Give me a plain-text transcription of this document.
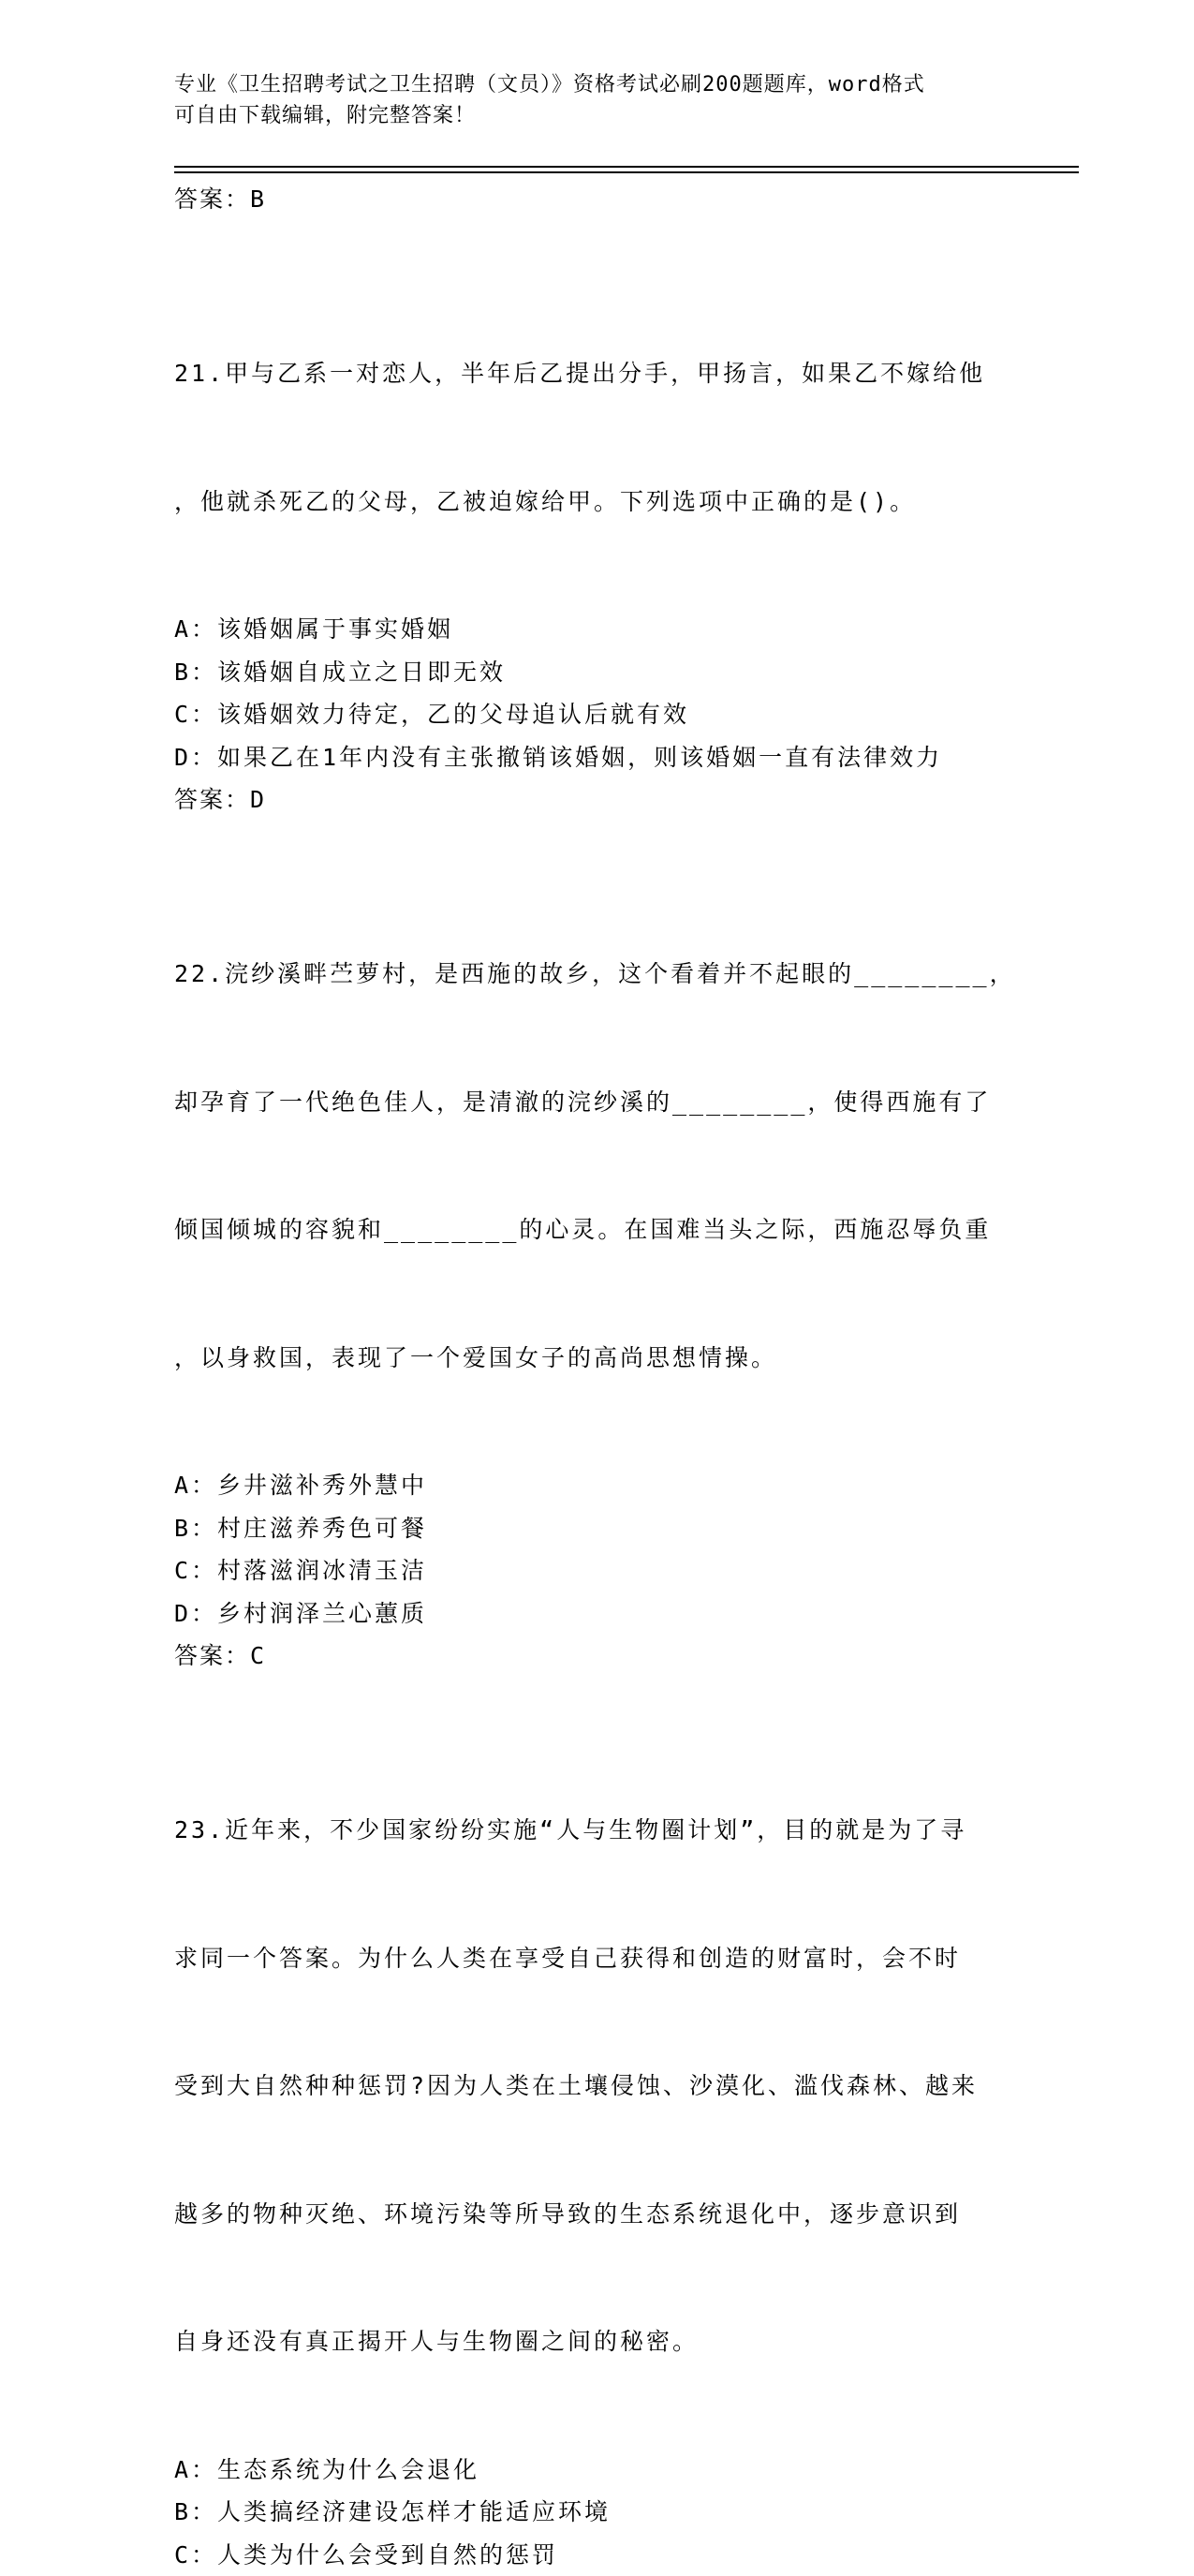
专业《卫生招聘考试之卫生招聘（文员）》资格考试必刷200题题库，word格式
可自由下载编辑，附完整答案！
答案：B

21.甲与乙系一对恋人，半年后乙提出分手，甲扬言，如果乙不嫁给他

，他就杀死乙的父母，乙被迫嫁给甲。下列选项中正确的是()。

A：该婚姻属于事实婚姻
B：该婚姻自成立之日即无效
C：该婚姻效力待定，乙的父母追认后就有效
D：如果乙在1年内没有主张撤销该婚姻，则该婚姻一直有法律效力
答案：D

22.浣纱溪畔苎萝村，是西施的故乡，这个看着并不起眼的________，

却孕育了一代绝色佳人，是清澈的浣纱溪的________，使得西施有了

倾国倾城的容貌和________的心灵。在国难当头之际，西施忍辱负重

，以身救国，表现了一个爱国女子的高尚思想情操。

A：乡井滋补秀外慧中
B：村庄滋养秀色可餐
C：村落滋润冰清玉洁
D：乡村润泽兰心蕙质
答案：C

23.近年来，不少国家纷纷实施“人与生物圈计划”，目的就是为了寻

求同一个答案。为什么人类在享受自己获得和创造的财富时，会不时

受到大自然种种惩罚?因为人类在土壤侵蚀、沙漠化、滥伐森林、越来

越多的物种灭绝、环境污染等所导致的生态系统退化中，逐步意识到

自身还没有真正揭开人与生物圈之间的秘密。

A：生态系统为什么会退化
B：人类搞经济建设怎样才能适应环境
C：人类为什么会受到自然的惩罚
